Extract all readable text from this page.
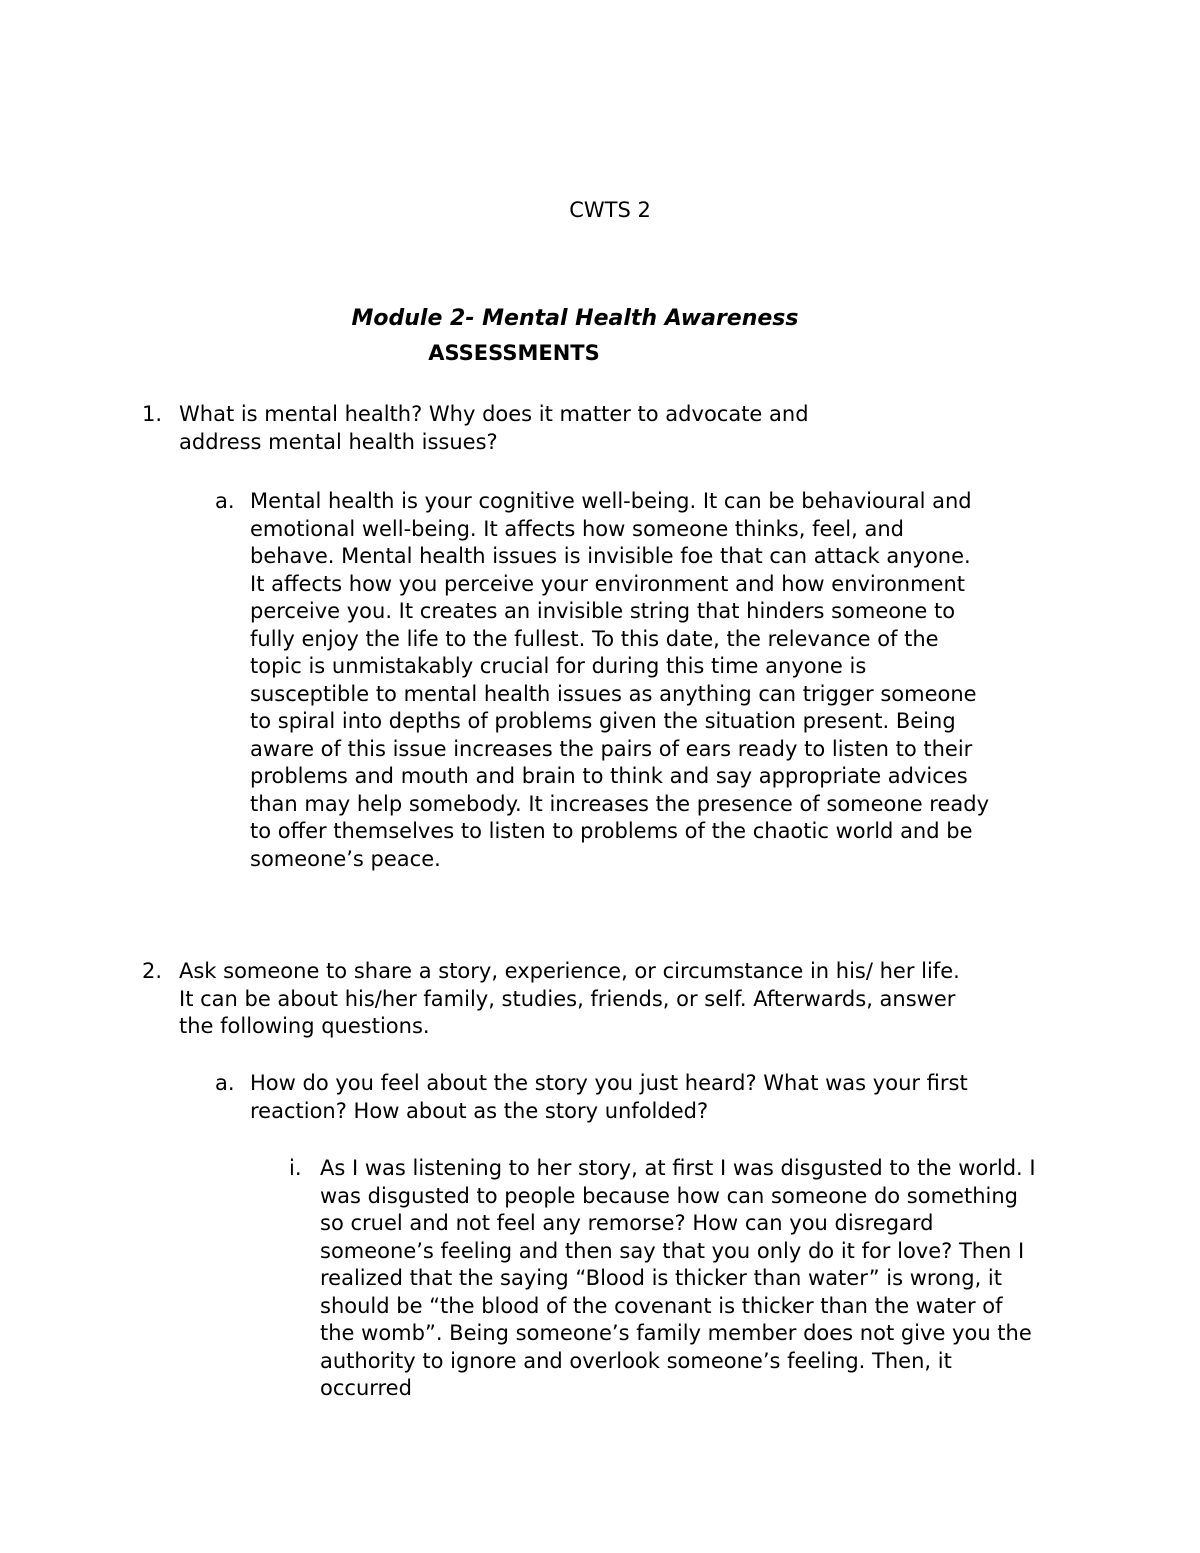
CWTS 2
Module 2- Mental Health Awareness
ASSESSMENTS
1. What is mental health? Why does it matter to advocate and address mental health issues?
a. Mental health is your cognitive well-being. It can be behavioural and emotional well-being. It affects how someone thinks, feel, and behave. Mental health issues is invisible foe that can attack anyone. It affects how you perceive your environment and how environment perceive you. It creates an invisible string that hinders someone to fully enjoy the life to the fullest. To this date, the relevance of the topic is unmistakably crucial for during this time anyone is susceptible to mental health issues as anything can trigger someone to spiral into depths of problems given the situation present. Being aware of this issue increases the pairs of ears ready to listen to their problems and mouth and brain to think and say appropriate advices than may help somebody. It increases the presence of someone ready to offer themselves to listen to problems of the chaotic world and be someone’s peace.
2. Ask someone to share a story, experience, or circumstance in his/ her life. It can be about his/her family, studies, friends, or self. Afterwards, answer the following questions.
a. How do you feel about the story you just heard? What was your first reaction? How about as the story unfolded?
i. As I was listening to her story, at first I was disgusted to the world. I was disgusted to people because how can someone do something so cruel and not feel any remorse? How can you disregard someone’s feeling and then say that you only do it for love? Then I realized that the saying “Blood is thicker than water” is wrong, it should be “the blood of the covenant is thicker than the water of the womb”. Being someone’s family member does not give you the authority to ignore and overlook someone’s feeling. Then, it occurred
